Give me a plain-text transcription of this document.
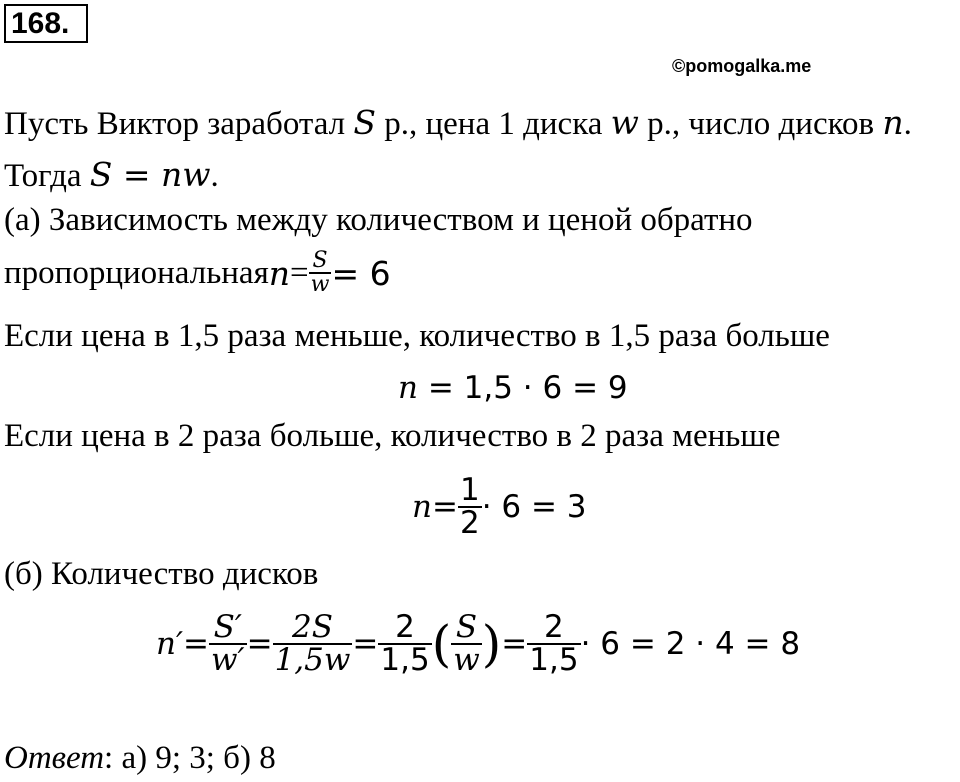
168.
©pomogalka.me
Пусть Виктор заработал S р., цена 1 диска w р., число дисков n.
Тогда S = nw.
(а) Зависимость между количеством и ценой обратно
пропорциональная $n = \frac{S}{w} = 6$
Если цена в 1,5 раза меньше, количество в 1,5 раза больше
n = 1,5 · 6 = 9
Если цена в 2 раза больше, количество в 2 раза меньше
$n = \frac{1}{2} \cdot 6 = 3$
(б) Количество дисков
$n' = \frac{S'}{w'} = \frac{2S}{1,5w} = \frac{2}{1,5}$ ( $\frac{S}{w}$ ) = $\frac{2}{1,5} \cdot 6 = 2 \cdot 4 = 8$
Ответ: а) 9; 3; б) 8
